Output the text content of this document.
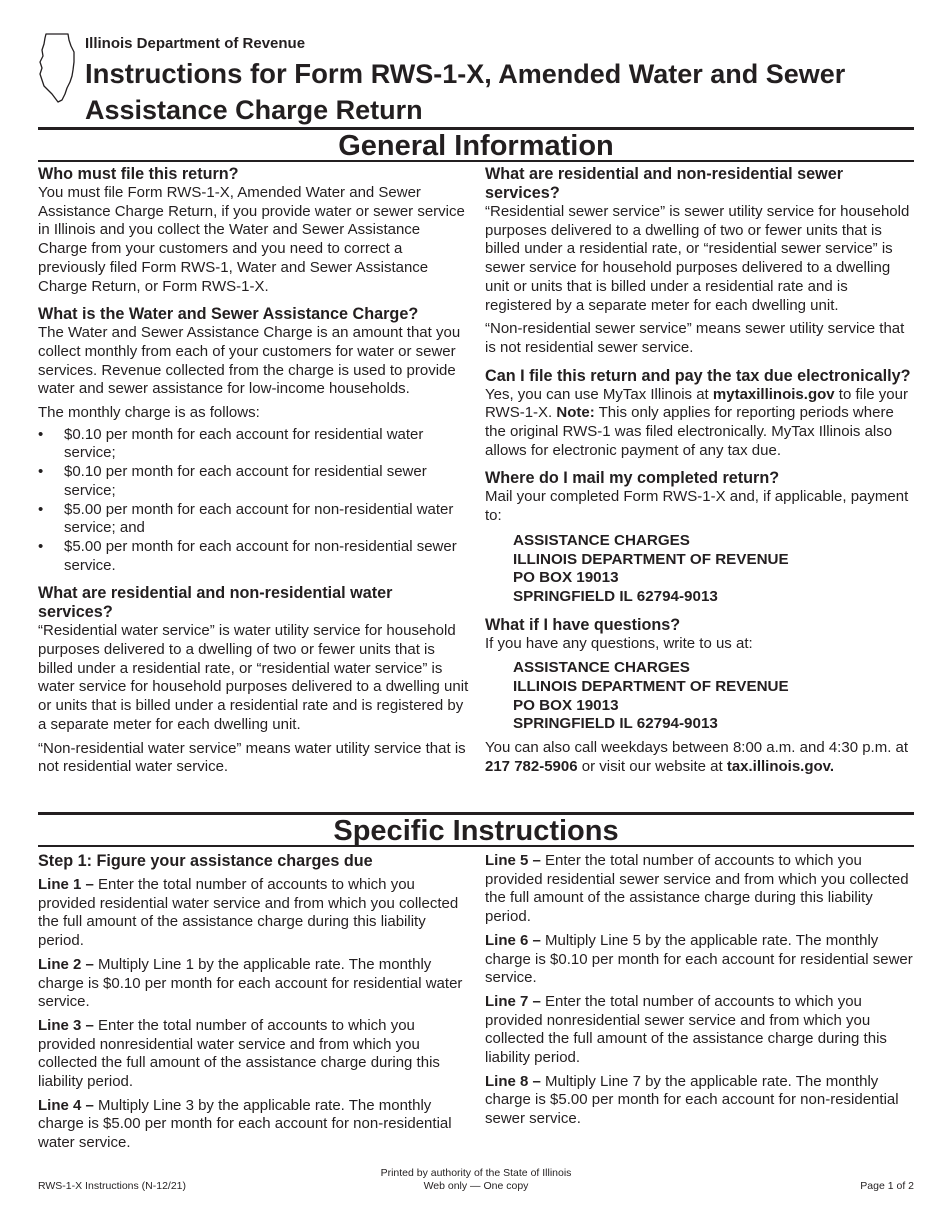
Illinois Department of Revenue
Instructions for Form RWS-1-X, Amended Water and Sewer Assistance Charge Return
General Information
Who must file this return?

You must file Form RWS-1-X, Amended Water and Sewer Assistance Charge Return, if you provide water or sewer service in Illinois and you collect the Water and Sewer Assistance Charge from your customers and you need to correct a previously filed Form RWS-1, Water and Sewer Assistance Charge Return, or Form RWS-1-X.

What is the Water and Sewer Assistance Charge?

The Water and Sewer Assistance Charge is an amount that you collect monthly from each of your customers for water or sewer services. Revenue collected from the charge is used to provide water and sewer assistance for low-income households.

The monthly charge is as follows:

• $0.10 per month for each account for residential water service;
• $0.10 per month for each account for residential sewer service;
• $5.00 per month for each account for non-residential water service; and
• $5.00 per month for each account for non-residential sewer service.
What are residential and non-residential water services?

“Residential water service” is water utility service for household purposes delivered to a dwelling of two or fewer units that is billed under a residential rate, or “residential water service” is water service for household purposes delivered to a dwelling unit or units that is billed under a residential rate and is registered by a separate meter for each dwelling unit.

“Non-residential water service” means water utility service that is not residential water service.

What are residential and non-residential sewer services?

“Residential sewer service” is sewer utility service for household purposes delivered to a dwelling of two or fewer units that is billed under a residential rate, or “residential sewer service” is sewer service for household purposes delivered to a dwelling unit or units that is billed under a residential rate and is registered by a separate meter for each dwelling unit.

“Non-residential sewer service” means sewer utility service that is not residential sewer service.

Can I file this return and pay the tax due electronically?

Yes, you can use MyTax Illinois at mytaxillinois.gov to file your RWS-1-X. Note: This only applies for reporting periods where the original RWS-1 was filed electronically. MyTax Illinois also allows for electronic payment of any tax due.

Where do I mail my completed return?

Mail your completed Form RWS-1-X and, if applicable, payment to:

ASSISTANCE CHARGES
ILLINOIS DEPARTMENT OF REVENUE
PO BOX 19013
SPRINGFIELD IL 62794-9013
What if I have questions?

If you have any questions, write to us at:

ASSISTANCE CHARGES
ILLINOIS DEPARTMENT OF REVENUE
PO BOX 19013
SPRINGFIELD IL 62794-9013

You can also call weekdays between 8:00 a.m. and 4:30 p.m. at 217 782-5906 or visit our website at tax.illinois.gov.

Specific Instructions
Step 1: Figure your assistance charges due

Line 1 – Enter the total number of accounts to which you provided residential water service and from which you collected the full amount of the assistance charge during this liability period.

Line 2 – Multiply Line 1 by the applicable rate. The monthly charge is $0.10 per month for each account for residential water service.

Line 3 – Enter the total number of accounts to which you provided nonresidential water service and from which you collected the full amount of the assistance charge during this liability period.

Line 4 – Multiply Line 3 by the applicable rate. The monthly charge is $5.00 per month for each account for non-residential water service.

Line 5 – Enter the total number of accounts to which you provided residential sewer service and from which you collected the full amount of the assistance charge during this liability period.

Line 6 – Multiply Line 5 by the applicable rate. The monthly charge is $0.10 per month for each account for residential sewer service.

Line 7 – Enter the total number of accounts to which you provided nonresidential sewer service and from which you collected the full amount of the assistance charge during this liability period.

Line 8 – Multiply Line 7 by the applicable rate. The monthly charge is $5.00 per month for each account for non-residential sewer service.

RWS-1-X Instructions (N-12/21)
Printed by authority of the State of Illinois
Web only — One copy	Page 1 of 2
